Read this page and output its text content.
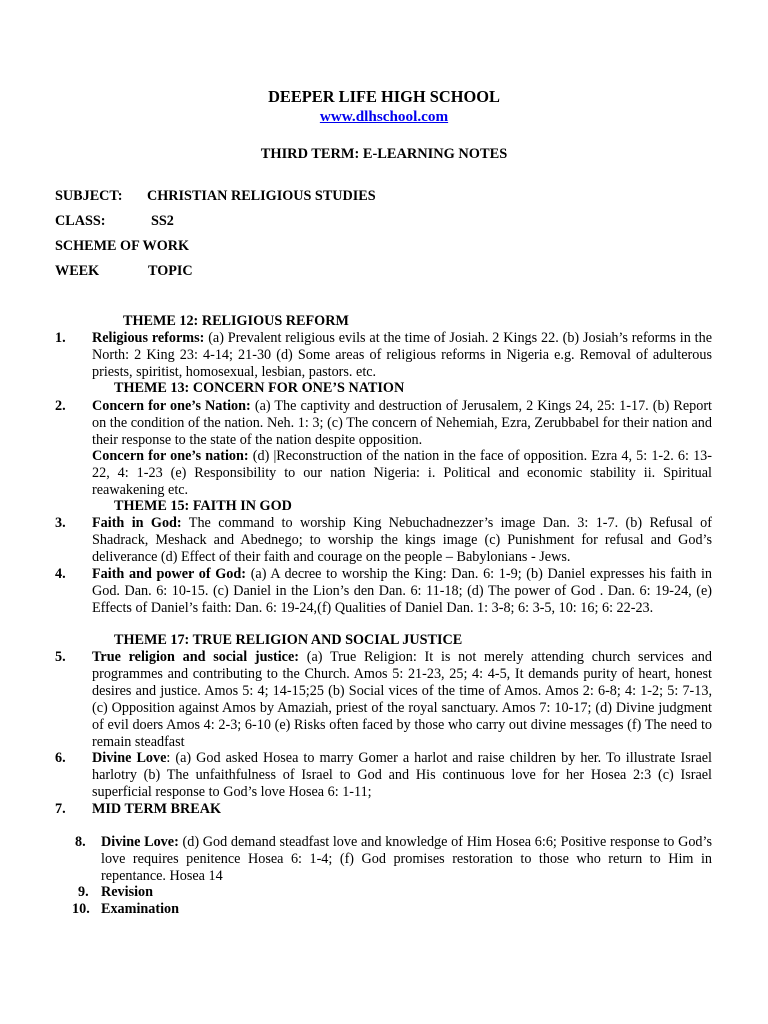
DEEPER LIFE HIGH SCHOOL
www.dlhschool.com
THIRD TERM: E-LEARNING NOTES
SUBJECT: CHRISTIAN RELIGIOUS STUDIES
CLASS:	SS2
SCHEME OF WORK
WEEK	TOPIC
THEME 12: RELIGIOUS REFORM
1. Religious reforms: (a) Prevalent religious evils at the time of Josiah. 2 Kings 22. (b) Josiah’s reforms in the North: 2 King 23: 4-14; 21-30 (d) Some areas of religious reforms in Nigeria e.g. Removal of adulterous priests, spiritist, homosexual, lesbian, pastors. etc.
THEME 13: CONCERN FOR ONE’S NATION
2. Concern for one’s Nation: (a) The captivity and destruction of Jerusalem, 2 Kings 24, 25: 1-17. (b) Report on the condition of the nation. Neh. 1: 3; (c) The concern of Nehemiah, Ezra, Zerubbabel for their nation and their response to the state of the nation despite opposition.
Concern for one’s nation: (d) |Reconstruction of the nation in the face of opposition. Ezra 4, 5: 1-2. 6: 13-22, 4: 1-23 (e) Responsibility to our nation Nigeria: i. Political and economic stability ii. Spiritual reawakening etc.
THEME 15: FAITH IN GOD
3. Faith in God: The command to worship King Nebuchadnezzer’s image Dan. 3: 1-7. (b) Refusal of Shadrack, Meshack and Abednego; to worship the kings image (c) Punishment for refusal and God’s deliverance (d) Effect of their faith and courage on the people – Babylonians - Jews.
4. Faith and power of God: (a) A decree to worship the King: Dan. 6: 1-9; (b) Daniel expresses his faith in God. Dan. 6: 10-15. (c) Daniel in the Lion’s den Dan. 6: 11-18; (d) The power of God . Dan. 6: 19-24, (e) Effects of Daniel’s faith: Dan. 6: 19-24,(f) Qualities of Daniel Dan. 1: 3-8; 6: 3-5, 10: 16; 6: 22-23.
THEME 17: TRUE RELIGION AND SOCIAL JUSTICE
5. True religion and social justice: (a) True Religion: It is not merely attending church services and programmes and contributing to the Church. Amos 5: 21-23, 25; 4: 4-5, It demands purity of heart, honest desires and justice. Amos 5: 4; 14-15;25 (b) Social vices of the time of Amos. Amos 2: 6-8; 4: 1-2; 5: 7-13, (c) Opposition against Amos by Amaziah, priest of the royal sanctuary. Amos 7: 10-17; (d) Divine judgment of evil doers Amos 4: 2-3; 6-10 (e) Risks often faced by those who carry out divine messages (f) The need to remain steadfast
6. Divine Love: (a) God asked Hosea to marry Gomer a harlot and raise children by her. To illustrate Israel harlotry (b) The unfaithfulness of Israel to God and His continuous love for her Hosea 2:3 (c) Israel superficial response to God’s love Hosea 6: 1-11;
7. MID TERM BREAK
8. Divine Love: (d) God demand steadfast love and knowledge of Him Hosea 6:6; Positive response to God’s love requires penitence Hosea 6: 1-4; (f) God promises restoration to those who return to Him in repentance. Hosea 14
9. Revision
10. Examination
